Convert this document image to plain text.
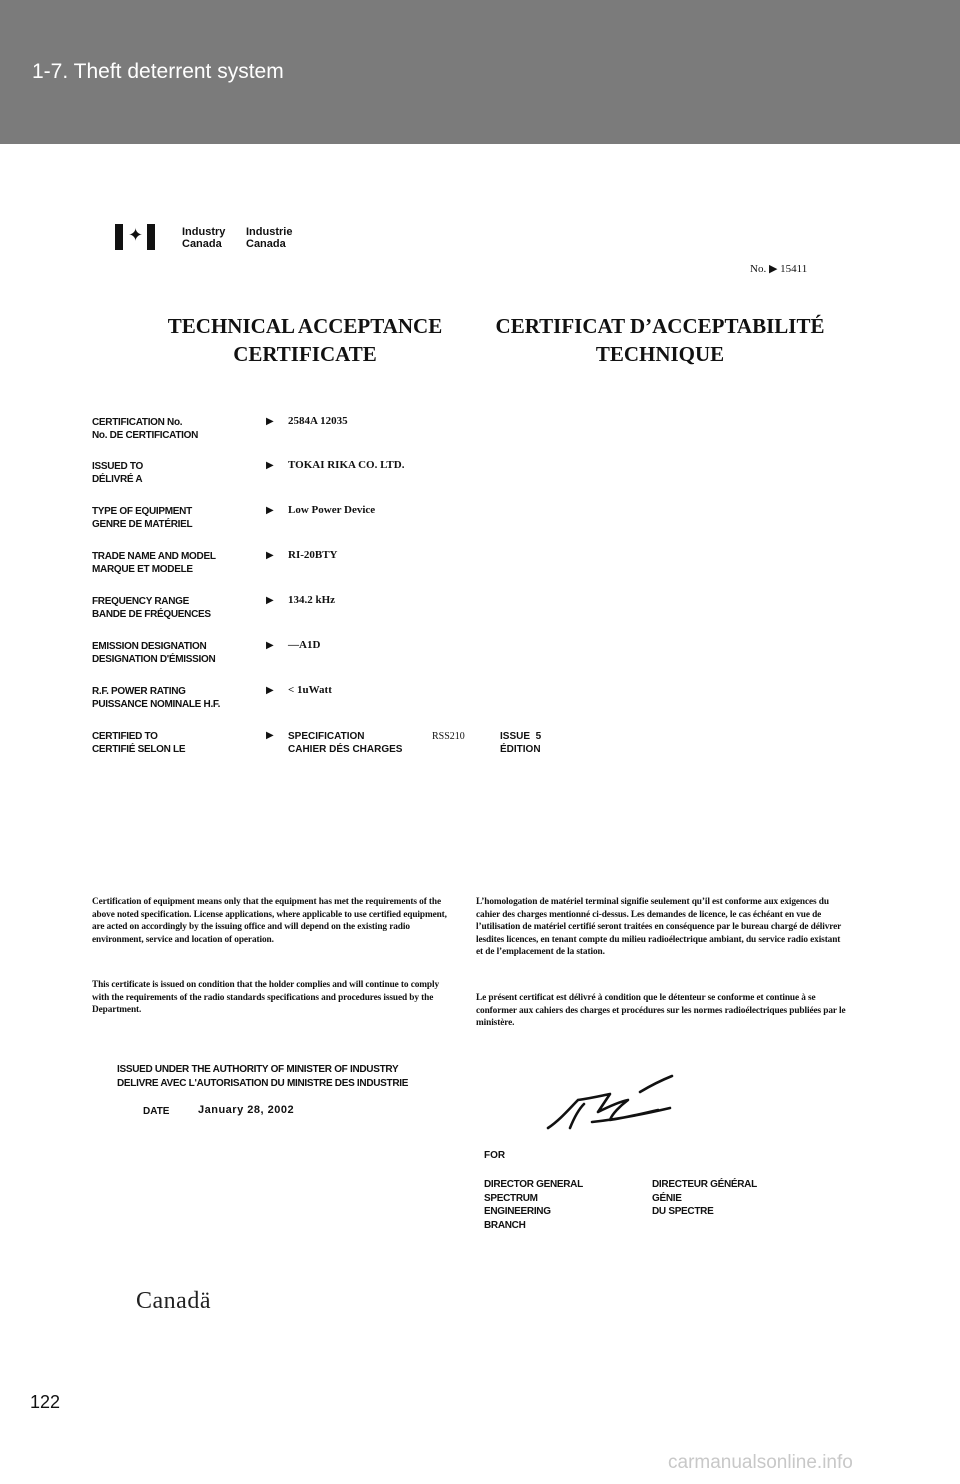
1-7. Theft deterrent system
✦	Industry
Canada
Industrie
Canada
No. ▶ 15411
TECHNICAL ACCEPTANCE
CERTIFICATE
CERTIFICAT D’ACCEPTABILITÉ
TECHNIQUE
CERTIFICATION No.
No. DE CERTIFICATION
▶ 2584A 12035
ISSUED TO
DÉLIVRÉ A
▶ TOKAI RIKA CO. LTD.
TYPE OF EQUIPMENT
GENRE DE MATÉRIEL
▶ Low Power Device
TRADE NAME AND MODEL
MARQUE ET MODELE
▶ RI-20BTY
FREQUENCY RANGE
BANDE DE FRÉQUENCES
▶ 134.2 kHz
EMISSION DESIGNATION
DESIGNATION D'ÉMISSION
▶ —A1D
R.F. POWER RATING
PUISSANCE NOMINALE H.F.
▶ < 1uWatt
CERTIFIED TO
CERTIFIÉ SELON LE
▶ SPECIFICATION
CAHIER DÉS CHARGES
RSS210	ISSUE 5
ÉDITION
Certification of equipment means only that the equipment has met the requirements of the above noted specification. License applications, where applicable to use certified equipment, are acted on accordingly by the issuing office and will depend on the existing radio environment, service and location of operation.
This certificate is issued on condition that the holder complies and will continue to comply with the requirements of the radio standards specifications and procedures issued by the Department.
L’homologation de matériel terminal signifie seulement qu’il est conforme aux exigences du cahier des charges mentionné ci-dessus. Les demandes de licence, le cas échéant en vue de l’utilisation de matériel certifié seront traitées en conséquence par le bureau chargé de délivrer lesdites licences, en tenant compte du milieu radioélectrique ambiant, du service radio existant et de l’emplacement de la station.
Le présent certificat est délivré à condition que le détenteur se conforme et continue à se conformer aux cahiers des charges et procédures sur les normes radioélectriques publiées par le ministère.
ISSUED UNDER THE AUTHORITY OF MINISTER OF INDUSTRY
DELIVRE AVEC L'AUTORISATION DU MINISTRE DES INDUSTRIE
DATE	January 28, 2002
FOR
DIRECTOR GENERAL
SPECTRUM
ENGINEERING
BRANCH
DIRECTEUR GÉNÉRAL
GÉNIE
DU SPECTRE
Canadä
122
carmanualsonline.info
